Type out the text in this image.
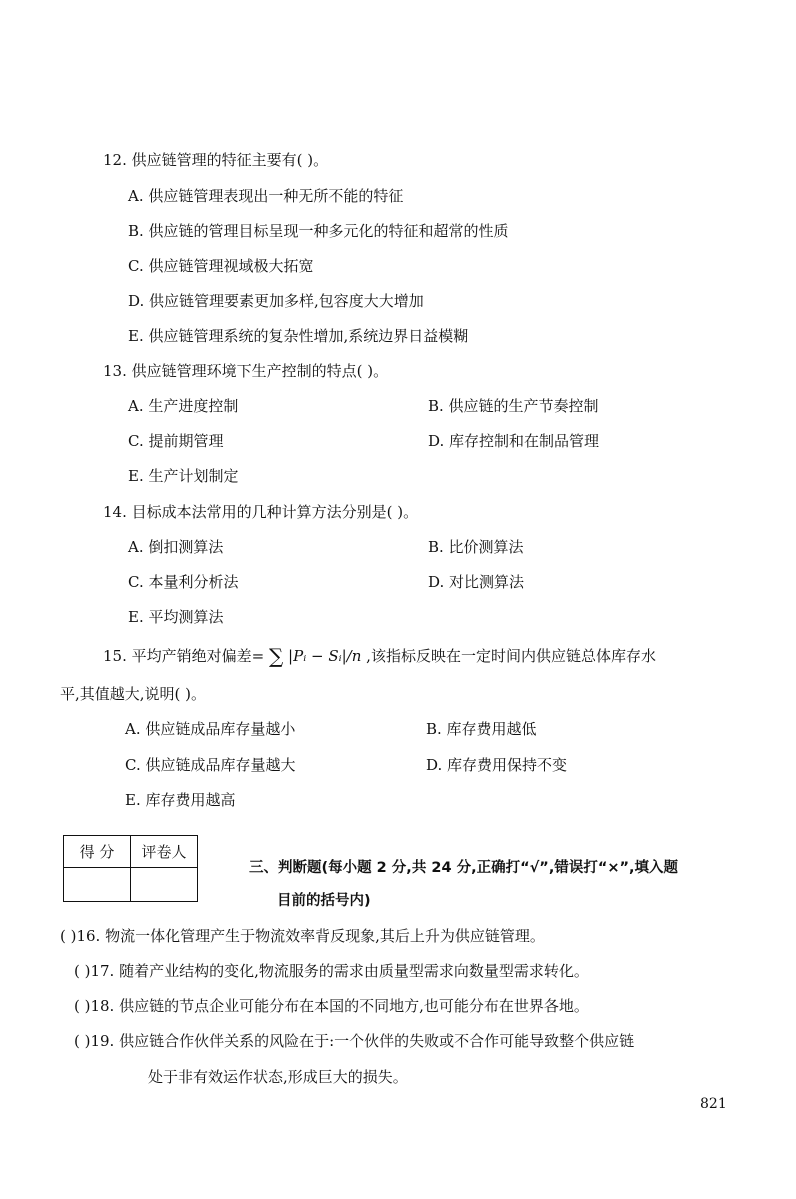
12. 供应链管理的特征主要有( )。
A. 供应链管理表现出一种无所不能的特征
B. 供应链的管理目标呈现一种多元化的特征和超常的性质
C. 供应链管理视域极大拓宽
D. 供应链管理要素更加多样,包容度大大增加
E. 供应链管理系统的复杂性增加,系统边界日益模糊
13. 供应链管理环境下生产控制的特点( )。
A. 生产进度控制	B. 供应链的生产节奏控制
C. 提前期管理	D. 库存控制和在制品管理
E. 生产计划制定
14. 目标成本法常用的几种计算方法分别是( )。
A. 倒扣测算法	B. 比价测算法
C. 本量利分析法	D. 对比测算法
E. 平均测算法
15. 平均产销绝对偏差= ∑ |Pᵢ − Sᵢ|/n ,该指标反映在一定时间内供应链总体库存水
平,其值越大,说明( )。
A. 供应链成品库存量越小	B. 库存费用越低
C. 供应链成品库存量越大	D. 库存费用保持不变
E. 库存费用越高
得 分	评卷人

三、判断题(每小题 2 分,共 24 分,正确打“√”,错误打“×”,填入题
目前的括号内)
( )16. 物流一体化管理产生于物流效率背反现象,其后上升为供应链管理。
( )17. 随着产业结构的变化,物流服务的需求由质量型需求向数量型需求转化。
( )18. 供应链的节点企业可能分布在本国的不同地方,也可能分布在世界各地。
( )19. 供应链合作伙伴关系的风险在于:一个伙伴的失败或不合作可能导致整个供应链
处于非有效运作状态,形成巨大的损失。
821
